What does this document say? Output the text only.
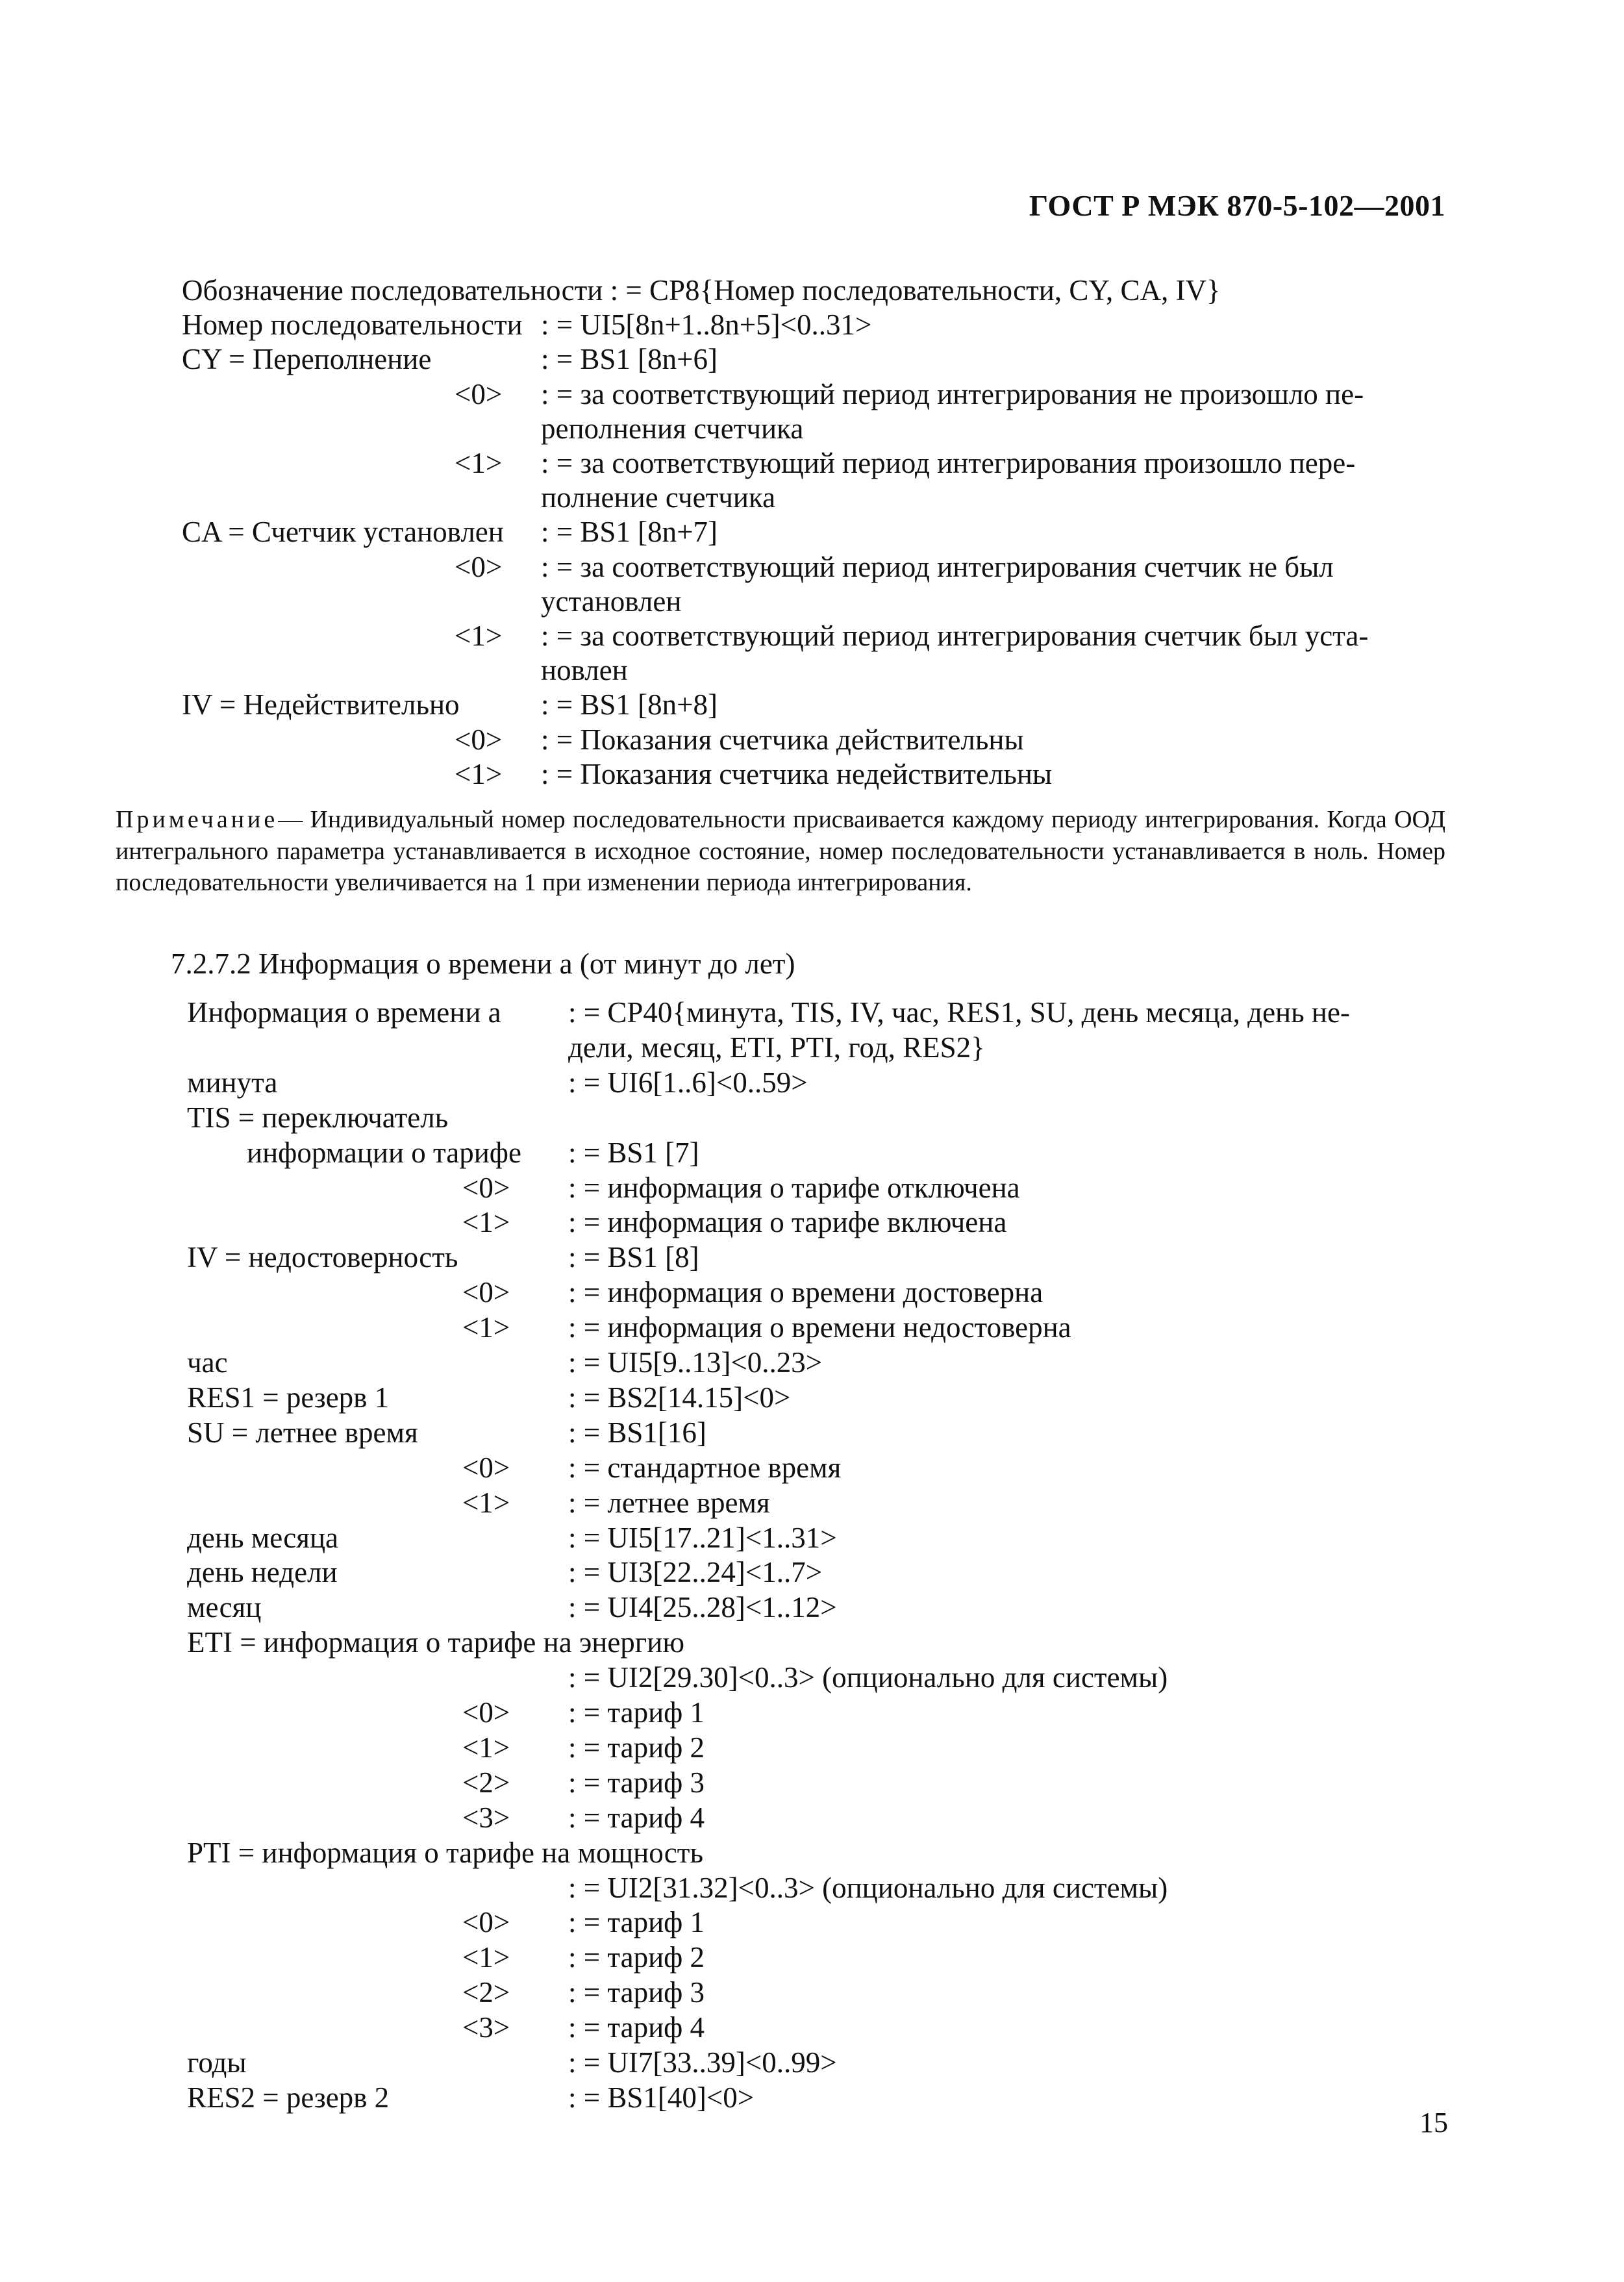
ГОСТ Р МЭК 870-5-102—2001
Обозначение последовательности : = CP8{Номер последовательности, CY, CA, IV}
Номер последовательности : = UI5[8n+1..8n+5]<0..31>
CY = Переполнение	: = BS1 [8n+6]
<0> : = за соответствующий период интегрирования не произошло пе-
реполнения счетчика
<1> : = за соответствующий период интегрирования произошло пере-
полнение счетчика
CA = Счетчик установлен : = BS1 [8n+7]
<0> : = за соответствующий период интегрирования счетчик не был
установлен
<1> : = за соответствующий период интегрирования счетчик был уста-
новлен
IV = Недействительно	: = BS1 [8n+8]
<0> : = Показания счетчика действительны
<1> : = Показания счетчика недействительны
Примечание— Индивидуальный номер последовательности присваивается каждому периоду интегрирования. Когда ООД интегрального параметра устанавливается в исходное состояние, номер последовательности устанавливается в ноль. Номер последовательности увеличивается на 1 при изменении периода интегрирования.
7.2.7.2 Информация о времени a (от минут до лет)
Информация о времени a : = CP40{минута, TIS, IV, час, RES1, SU, день месяца, день не-
дели, месяц, ETI, PTI, год, RES2}
минута	: = UI6[1..6]<0..59>
TIS = переключатель
информации о тарифе : = BS1 [7]
<0> : = информация о тарифе отключена
<1> : = информация о тарифе включена
IV = недостоверность	: = BS1 [8]
<0> : = информация о времени достоверна
<1> : = информация о времени недостоверна
час	: = UI5[9..13]<0..23>
RES1 = резерв 1	: = BS2[14.15]<0>
SU = летнее время	: = BS1[16]
<0> : = стандартное время
<1> : = летнее время
день месяца	: = UI5[17..21]<1..31>
день недели	: = UI3[22..24]<1..7>
месяц	: = UI4[25..28]<1..12>
ETI = информация о тарифе на энергию
: = UI2[29.30]<0..3> (опционально для системы)
<0> : = тариф 1
<1> : = тариф 2
<2> : = тариф 3
<3> : = тариф 4
PTI = информация о тарифе на мощность
: = UI2[31.32]<0..3> (опционально для системы)
<0> : = тариф 1
<1> : = тариф 2
<2> : = тариф 3
<3> : = тариф 4
годы	: = UI7[33..39]<0..99>
RES2 = резерв 2	: = BS1[40]<0>
15
